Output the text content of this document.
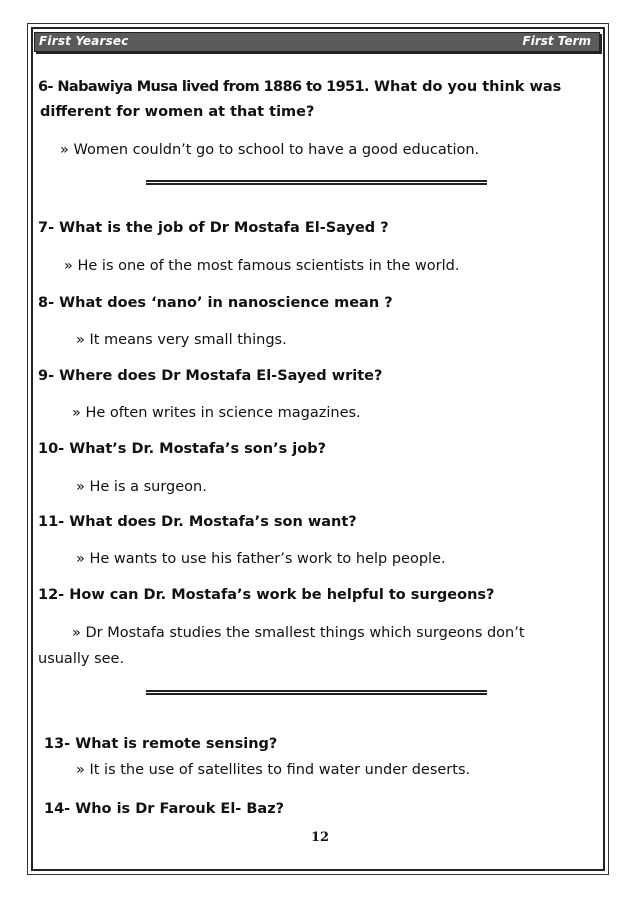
First Yearsec	First Term
6- Nabawiya Musa lived from 1886 to 1951. What do you think was
different for women at that time?
» Women couldn’t go to school to have a good education.
7- What is the job of Dr Mostafa El-Sayed ?
» He is one of the most famous scientists in the world.
8- What does ‘nano’ in nanoscience mean ?
» It means very small things.
9- Where does Dr Mostafa El-Sayed write?
» He often writes in science magazines.
10- What’s Dr. Mostafa’s son’s job?
» He is a surgeon.
11- What does Dr. Mostafa’s son want?
» He wants to use his father’s work to help people.
12- How can Dr. Mostafa’s work be helpful to surgeons?
» Dr Mostafa studies the smallest things which surgeons don’t
usually see.
13- What is remote sensing?
» It is the use of satellites to find water under deserts.
14- Who is Dr Farouk El- Baz?
12
